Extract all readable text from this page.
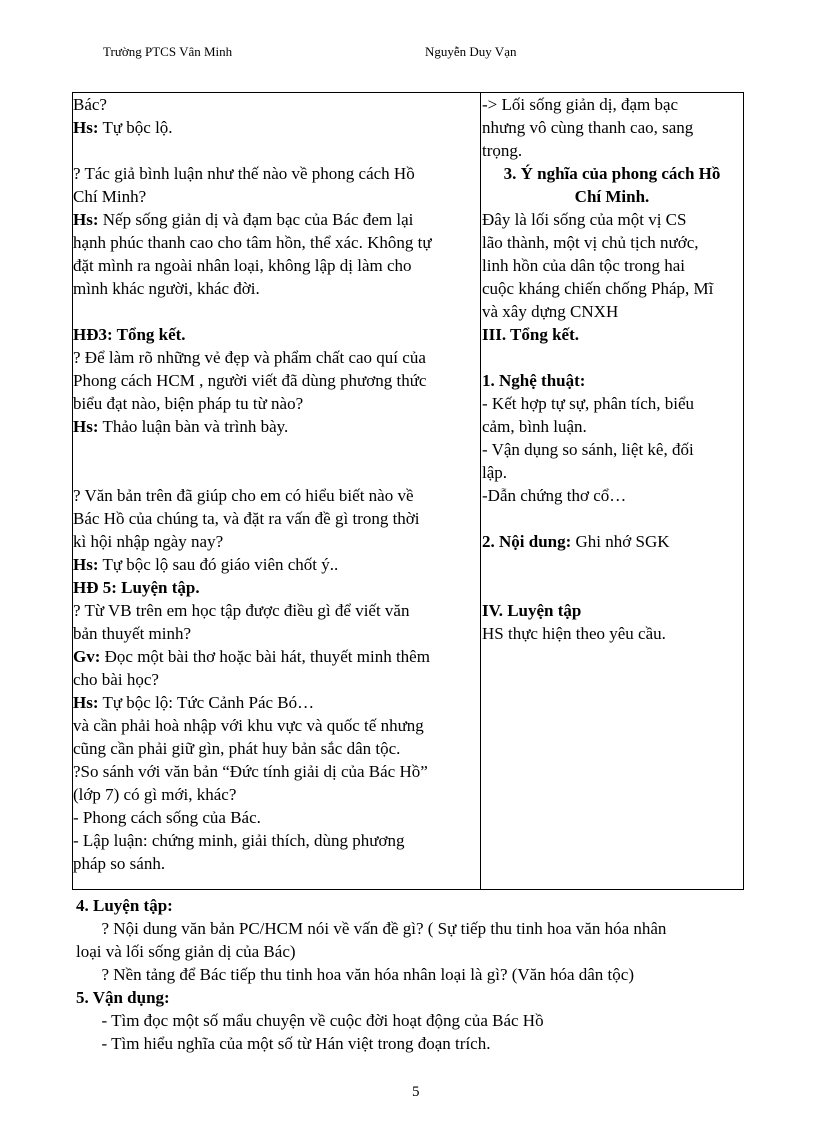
Trường PTCS Vân Minh	Nguyễn Duy Vạn
Bác?
Hs: Tự bộc lộ.
? Tác giả bình luận như thế nào về phong cách Hồ
Chí Minh?
Hs: Nếp sống giản dị và đạm bạc của Bác đem lại
hạnh phúc thanh cao cho tâm hồn, thể xác. Không tự
đặt mình ra ngoài nhân loại, không lập dị làm cho
mình khác người, khác đời.
HĐ3: Tổng kết.
? Để làm rõ những vẻ đẹp và phẩm chất cao quí của
Phong cách HCM , người viết đã dùng phương thức
biểu đạt nào, biện pháp tu từ nào?
Hs: Thảo luận bàn và trình bày.
? Văn bản trên đã giúp cho em có hiểu biết nào về
Bác Hồ của chúng ta, và đặt ra vấn đề gì trong thời
kì hội nhập ngày nay?
Hs: Tự bộc lộ sau đó giáo viên chốt ý..
HĐ 5: Luyện tập.
? Từ VB trên em học tập được điều gì để viết văn
bản thuyết minh?
Gv: Đọc một bài thơ hoặc bài hát, thuyết minh thêm
cho bài học?
Hs: Tự bộc lộ: Tức Cảnh Pác Bó…
và cần phải hoà nhập với khu vực và quốc tế nhưng
cũng cần phải giữ gìn, phát huy bản sắc dân tộc.
?So sánh với văn bản “Đức tính giải dị của Bác Hồ”
(lớp 7) có gì mới, khác?
- Phong cách sống của Bác.
- Lập luận: chứng minh, giải thích, dùng phương
pháp so sánh.
-> Lối sống giản dị, đạm bạc
nhưng vô cùng thanh cao, sang
trọng.
3. Ý nghĩa của phong cách Hồ
Chí Minh.
Đây là lối sống của một vị CS
lão thành, một vị chủ tịch nước,
linh hồn của dân tộc trong hai
cuộc kháng chiến chống Pháp, Mĩ
và xây dựng CNXH
III. Tổng kết.
1. Nghệ thuật:
- Kết hợp tự sự, phân tích, biểu
cảm, bình luận.
- Vận dụng so sánh, liệt kê, đối
lập.
-Dẫn chứng thơ cổ…
2. Nội dung: Ghi nhớ SGK
IV. Luyện tập
HS thực hiện theo yêu cầu.
4. Luyện tập:
? Nội dung văn bản PC/HCM nói về vấn đề gì? ( Sự tiếp thu tinh hoa văn hóa nhân
loại và lối sống giản dị của Bác)
? Nền tảng để Bác tiếp thu tinh hoa văn hóa nhân loại là gì? (Văn hóa dân tộc)
5. Vận dụng:
- Tìm đọc một số mẩu chuyện về cuộc đời hoạt động của Bác Hồ
- Tìm hiểu nghĩa của một số từ Hán việt trong đoạn trích.
5
